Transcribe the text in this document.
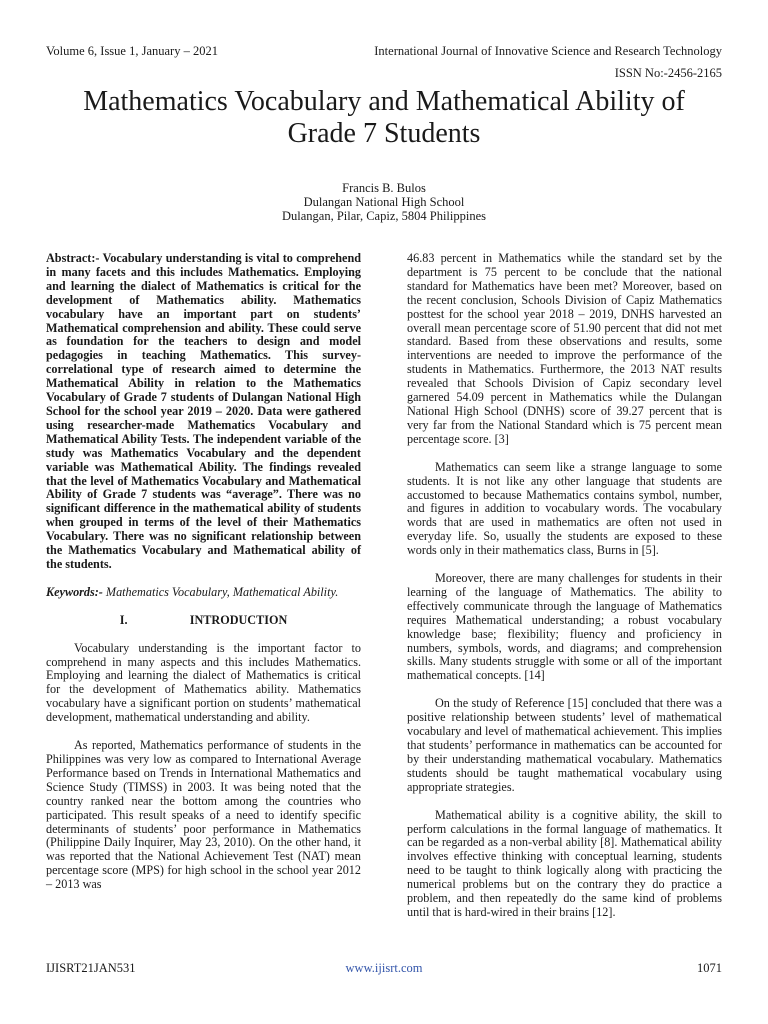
Volume 6, Issue 1, January – 2021	International Journal of Innovative Science and Research Technology
ISSN No:-2456-2165
Mathematics Vocabulary and Mathematical Ability of Grade 7 Students
Francis B. Bulos
Dulangan National High School
Dulangan, Pilar, Capiz, 5804 Philippines

Abstract:- Vocabulary understanding is vital to comprehend in many facets and this includes Mathematics. Employing and learning the dialect of Mathematics is critical for the development of Mathematics ability. Mathematics vocabulary have an important part on students’ Mathematical comprehension and ability. These could serve as foundation for the teachers to design and model pedagogies in teaching Mathematics. This survey-correlational type of research aimed to determine the Mathematical Ability in relation to the Mathematics Vocabulary of Grade 7 students of Dulangan National High School for the school year 2019 – 2020. Data were gathered using researcher-made Mathematics Vocabulary and Mathematical Ability Tests. The independent variable of the study was Mathematics Vocabulary and the dependent variable was Mathematical Ability. The findings revealed that the level of Mathematics Vocabulary and Mathematical Ability of Grade 7 students was “average”. There was no significant difference in the mathematical ability of students when grouped in terms of the level of their Mathematics Vocabulary. There was no significant relationship between the Mathematics Vocabulary and Mathematical ability of the students.

Keywords:- Mathematics Vocabulary, Mathematical Ability.

I.	INTRODUCTION

Vocabulary understanding is the important factor to comprehend in many aspects and this includes Mathematics. Employing and learning the dialect of Mathematics is critical for the development of Mathematics ability. Mathematics vocabulary have a significant portion on students’ mathematical development, mathematical understanding and ability.

As reported, Mathematics performance of students in the Philippines was very low as compared to International Average Performance based on Trends in International Mathematics and Science Study (TIMSS) in 2003. It was being noted that the country ranked near the bottom among the countries who participated. This result speaks of a need to identify specific determinants of students’ poor performance in Mathematics (Philippine Daily Inquirer, May 23, 2010). On the other hand, it was reported that the National Achievement Test (NAT) mean percentage score (MPS) for high school in the school year 2012 – 2013 was

46.83 percent in Mathematics while the standard set by the department is 75 percent to be conclude that the national standard for Mathematics have been met? Moreover, based on the recent conclusion, Schools Division of Capiz Mathematics posttest for the school year 2018 – 2019, DNHS harvested an overall mean percentage score of 51.90 percent that did not met standard. Based from these observations and results, some interventions are needed to improve the performance of the students in Mathematics. Furthermore, the 2013 NAT results revealed that Schools Division of Capiz secondary level garnered 54.09 percent in Mathematics while the Dulangan National High School (DNHS) score of 39.27 percent that is very far from the National Standard which is 75 percent mean percentage score. [3]

Mathematics can seem like a strange language to some students. It is not like any other language that students are accustomed to because Mathematics contains symbol, number, and figures in addition to vocabulary words. The vocabulary words that are used in mathematics are often not used in everyday life. So, usually the students are exposed to these words only in their mathematics class, Burns in [5].

Moreover, there are many challenges for students in their learning of the language of Mathematics. The ability to effectively communicate through the language of Mathematics requires Mathematical understanding; a robust vocabulary knowledge base; flexibility; fluency and proficiency in numbers, symbols, words, and diagrams; and comprehension skills. Many students struggle with some or all of the important mathematical concepts. [14]

On the study of Reference [15] concluded that there was a positive relationship between students’ level of mathematical vocabulary and level of mathematical achievement. This implies that students’ performance in mathematics can be accounted for by their understanding mathematical vocabulary. Mathematics students should be taught mathematical vocabulary using appropriate strategies.

Mathematical ability is a cognitive ability, the skill to perform calculations in the formal language of mathematics. It can be regarded as a non-verbal ability [8]. Mathematical ability involves effective thinking with conceptual learning, students need to be taught to think logically along with practicing the numerical problems but on the contrary they do practice a problem, and then repeatedly do the same kind of problems until that is hard-wired in their brains [12].

IJISRT21JAN531	www.ijisrt.com	1071
